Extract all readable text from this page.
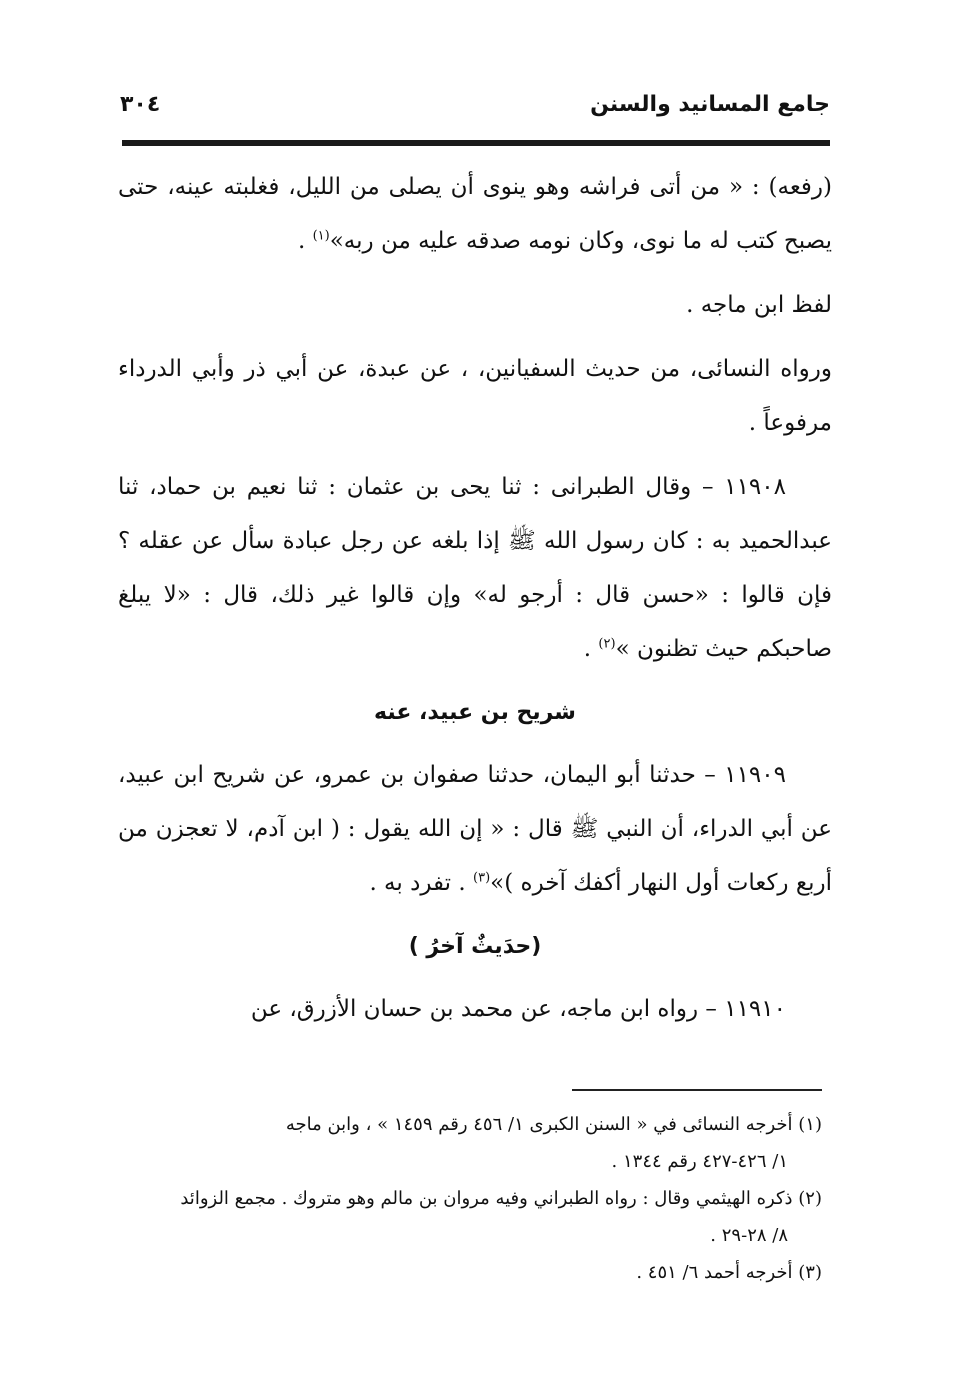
جامع المسانيد والسنن
٣٠٤

(رفعه) : « من أتى فراشه وهو ينوى أن يصلى من الليل، فغلبته عينه، حتى يصبح كتب له ما نوى، وكان نومه صدقه عليه من ربه»$^{(١)}$ .

لفظ ابن ماجه .

ورواه النسائى، من حديث السفيانين، ، عن عبدة، عن أبي ذر وأبي الدرداء مرفوعاً .

١١٩٠٨ – وقال الطبرانى : ثنا يحى بن عثمان : ثنا نعيم بن حماد، ثنا عبدالحميد به : كان رسول الله ﷺ إذا بلغه عن رجل عبادة سأل عن عقله ؟ فإن قالوا : «حسن قال : أرجو له» وإن قالوا غير ذلك، قال : «لا يبلغ صاحبكم حيث تظنون »$^{(٢)}$ .

شريح بن عبيد، عنه

١١٩٠٩ – حدثنا أبو اليمان، حدثنا صفوان بن عمرو، عن شريح ابن عبيد، عن أبي الدراء، أن النبي ﷺ قال : « إن الله يقول : ( ابن آدم، لا تعجزن من أربع ركعات أول النهار أكفك آخره )»$^{(٣)}$ . تفرد به .

(حدَيثٌ آخرُ )

١١٩١٠ – رواه ابن ماجه، عن محمد بن حسان الأزرق، عن

(١) أخرجه النسائى في « السنن الكبرى ١/ ٤٥٦ رقم ١٤٥٩ » ، وابن ماجه

١/ ٤٢٦-٤٢٧ رقم ١٣٤٤ .

(٢) ذكره الهيثمي وقال : رواه الطبراني وفيه مروان بن مالم وهو متروك . مجمع الزوائد

٨/ ٢٨-٢٩ .

(٣) أخرجه أحمد ٦/ ٤٥١ .
